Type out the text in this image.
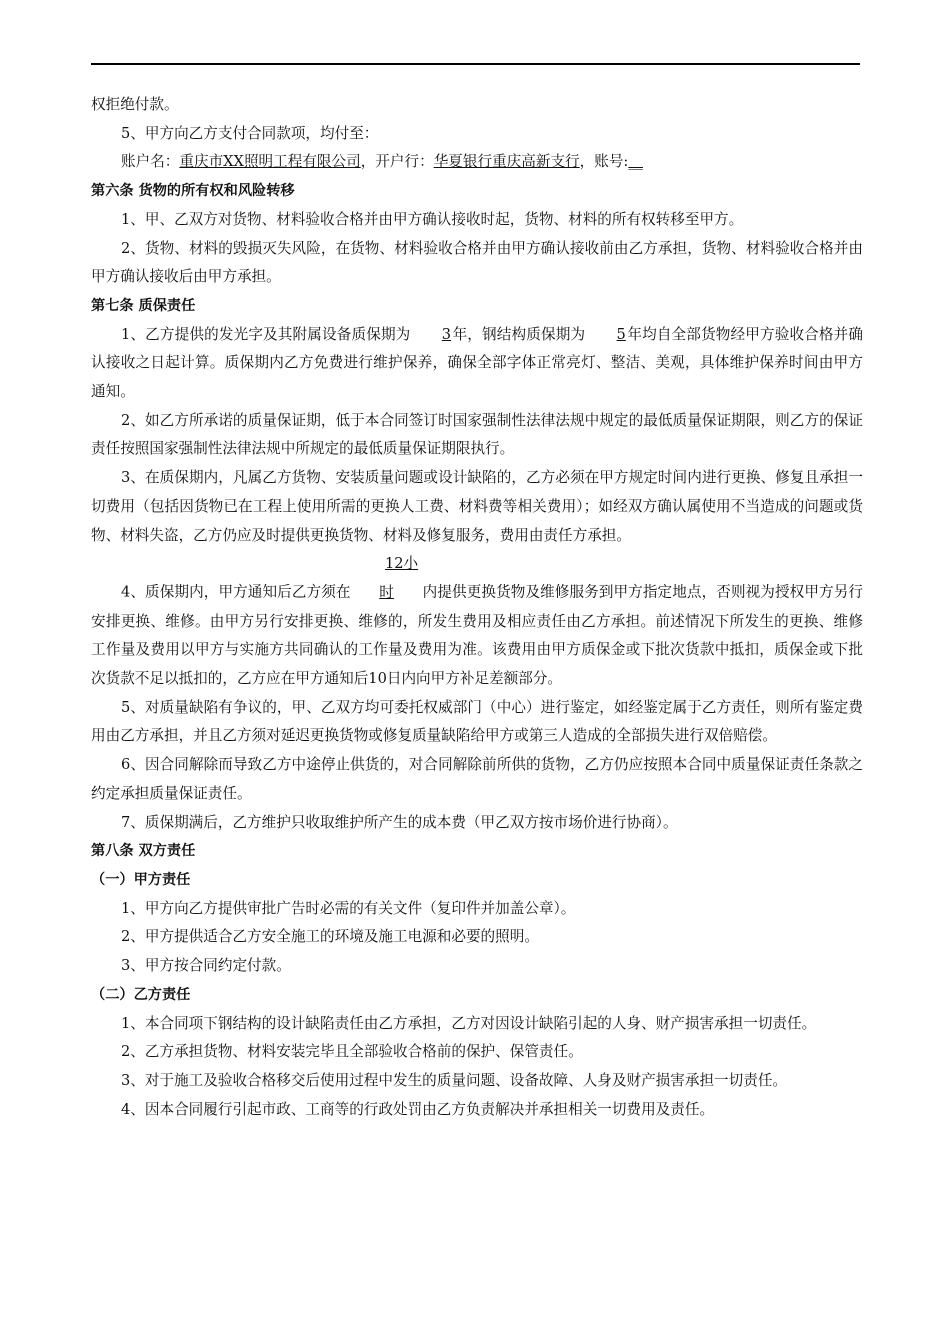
权拒绝付款。

5、甲方向乙方支付合同款项，均付至：

账户名：重庆市XX照明工程有限公司，开户行：华夏银行重庆高新支行，账号:__

第六条 货物的所有权和风险转移

1、甲、乙双方对货物、材料验收合格并由甲方确认接收时起，货物、材料的所有权转移至甲方。

2、货物、材料的毁损灭失风险，在货物、材料验收合格并由甲方确认接收前由乙方承担，货物、材料验收合格并由甲方确认接收后由甲方承担。

第七条 质保责任

1、乙方提供的发光字及其附属设备质保期为 3年，钢结构质保期为 5年均自全部货物经甲方验收合格并确认接收之日起计算。质保期内乙方免费进行维护保养，确保全部字体正常亮灯、整洁、美观，具体维护保养时间由甲方通知。

2、如乙方所承诺的质量保证期，低于本合同签订时国家强制性法律法规中规定的最低质量保证期限，则乙方的保证责任按照国家强制性法律法规中所规定的最低质量保证期限执行。

3、在质保期内，凡属乙方货物、安装质量问题或设计缺陷的，乙方必须在甲方规定时间内进行更换、修复且承担一切费用（包括因货物已在工程上使用所需的更换人工费、材料费等相关费用）；如经双方确认属使用不当造成的问题或货物、材料失盗，乙方仍应及时提供更换货物、材料及修复服务，费用由责任方承担。

4、质保期内，甲方通知后乙方须在12小时 内提供更换货物及维修服务到甲方指定地点，否则视为授权甲方另行安排更换、维修。由甲方另行安排更换、维修的，所发生费用及相应责任由乙方承担。前述情况下所发生的更换、维修工作量及费用以甲方与实施方共同确认的工作量及费用为准。该费用由甲方质保金或下批次货款中抵扣，质保金或下批次货款不足以抵扣的，乙方应在甲方通知后10日内向甲方补足差额部分。

5、对质量缺陷有争议的，甲、乙双方均可委托权威部门（中心）进行鉴定，如经鉴定属于乙方责任，则所有鉴定费用由乙方承担，并且乙方须对延迟更换货物或修复质量缺陷给甲方或第三人造成的全部损失进行双倍赔偿。

6、因合同解除而导致乙方中途停止供货的，对合同解除前所供的货物，乙方仍应按照本合同中质量保证责任条款之约定承担质量保证责任。

7、质保期满后，乙方维护只收取维护所产生的成本费（甲乙双方按市场价进行协商）。

第八条 双方责任

（一）甲方责任

1、甲方向乙方提供审批广告时必需的有关文件（复印件并加盖公章）。

2、甲方提供适合乙方安全施工的环境及施工电源和必要的照明。

3、甲方按合同约定付款。

（二）乙方责任

1、本合同项下钢结构的设计缺陷责任由乙方承担，乙方对因设计缺陷引起的人身、财产损害承担一切责任。

2、乙方承担货物、材料安装完毕且全部验收合格前的保护、保管责任。

3、对于施工及验收合格移交后使用过程中发生的质量问题、设备故障、人身及财产损害承担一切责任。

4、因本合同履行引起市政、工商等的行政处罚由乙方负责解决并承担相关一切费用及责任。
